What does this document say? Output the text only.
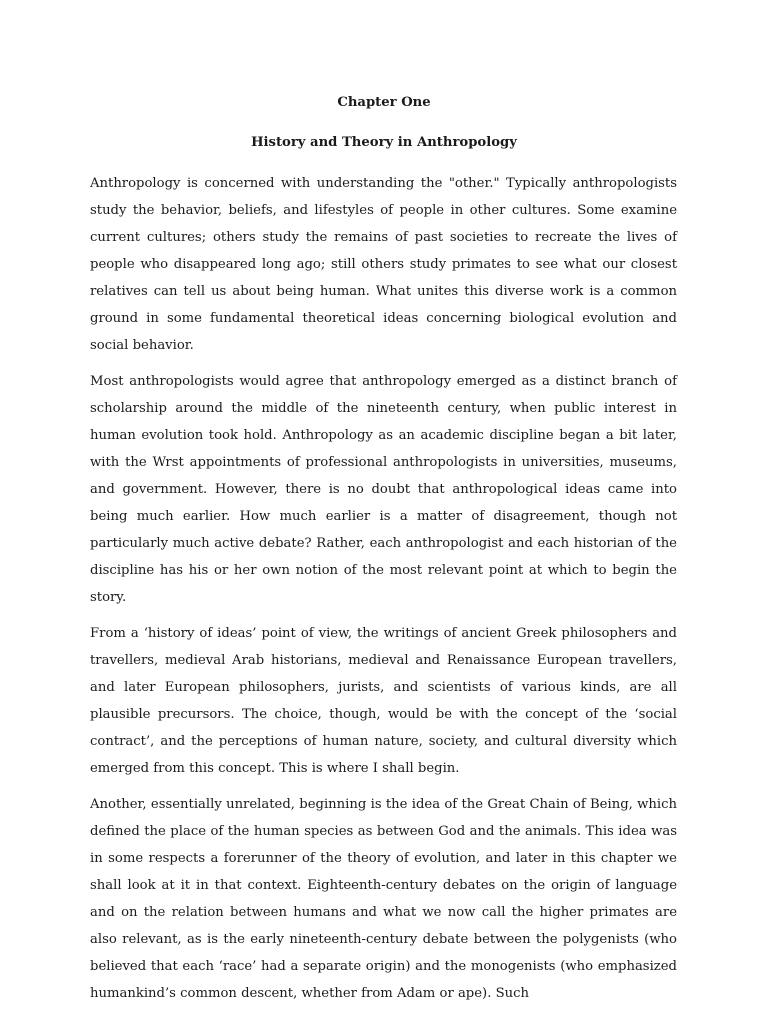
Chapter One
History and Theory in Anthropology

Anthropology is concerned with understanding the "other." Typically anthropologists study the behavior, beliefs, and lifestyles of people in other cultures. Some examine current cultures; others study the remains of past societies to recreate the lives of people who disappeared long ago; still others study primates to see what our closest relatives can tell us about being human. What unites this diverse work is a common ground in some fundamental theoretical ideas concerning biological evolution and social behavior.

Most anthropologists would agree that anthropology emerged as a distinct branch of scholarship around the middle of the nineteenth century, when public interest in human evolution took hold. Anthropology as an academic discipline began a bit later, with the Wrst appointments of professional anthropologists in universities, museums, and government. However, there is no doubt that anthropological ideas came into being much earlier. How much earlier is a matter of disagreement, though not particularly much active debate? Rather, each anthropologist and each historian of the discipline has his or her own notion of the most relevant point at which to begin the story.

From a ‘history of ideas’ point of view, the writings of ancient Greek philosophers and travellers, medieval Arab historians, medieval and Renaissance European travellers, and later European philosophers, jurists, and scientists of various kinds, are all plausible precursors. The choice, though, would be with the concept of the ‘social contract’, and the perceptions of human nature, society, and cultural diversity which emerged from this concept. This is where I shall begin.

Another, essentially unrelated, beginning is the idea of the Great Chain of Being, which defined the place of the human species as between God and the animals. This idea was in some respects a forerunner of the theory of evolution, and later in this chapter we shall look at it in that context. Eighteenth-century debates on the origin of language and on the relation between humans and what we now call the higher primates are also relevant, as is the early nineteenth-century debate between the polygenists (who believed that each ‘race’ had a separate origin) and the monogenists (who emphasized humankind’s common descent, whether from Adam or ape). Such
